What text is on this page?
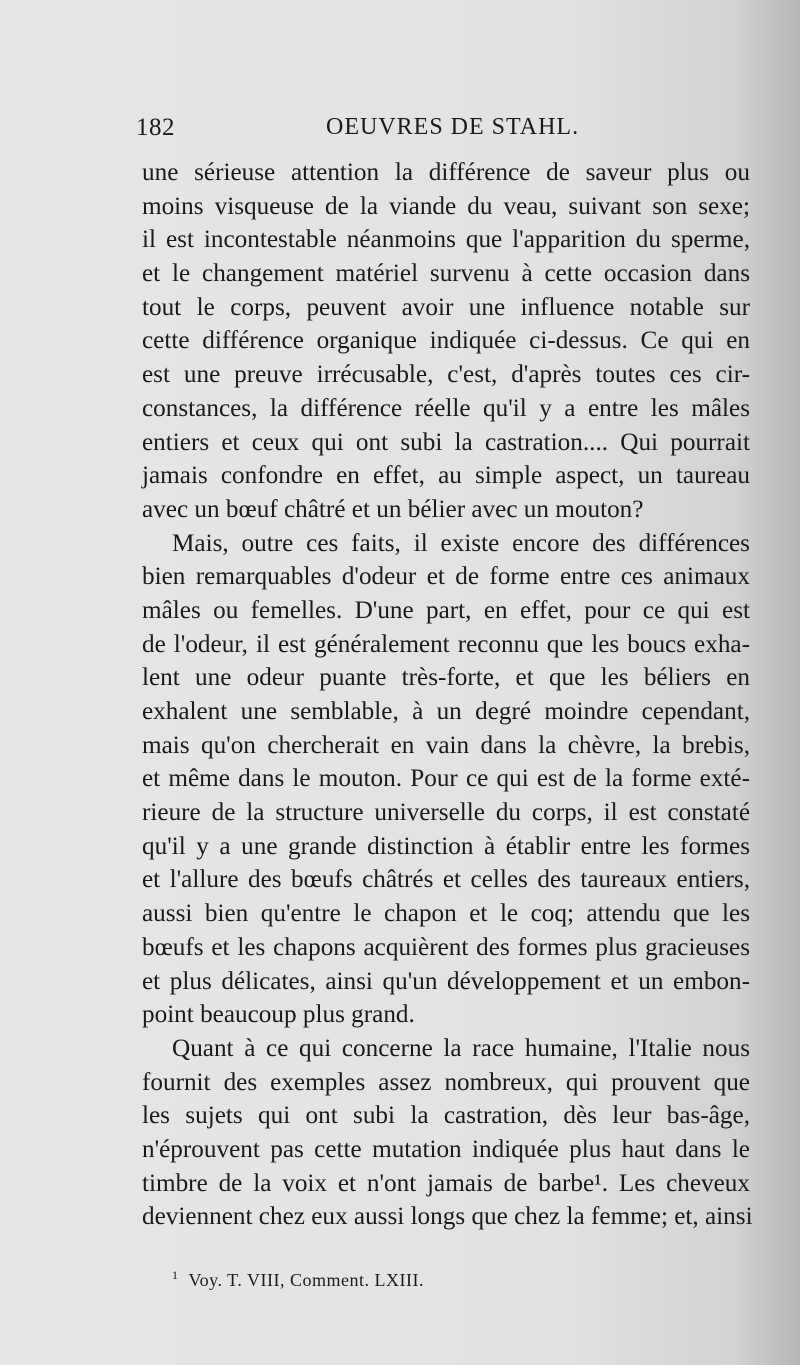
182	OEUVRES DE STAHL.
une sérieuse attention la différence de saveur plus ou
moins visqueuse de la viande du veau, suivant son sexe;
il est incontestable néanmoins que l'apparition du sperme,
et le changement matériel survenu à cette occasion dans
tout le corps, peuvent avoir une influence notable sur
cette différence organique indiquée ci-dessus. Ce qui en
est une preuve irrécusable, c'est, d'après toutes ces cir-
constances, la différence réelle qu'il y a entre les mâles
entiers et ceux qui ont subi la castration.... Qui pourrait
jamais confondre en effet, au simple aspect, un taureau
avec un bœuf châtré et un bélier avec un mouton?
Mais, outre ces faits, il existe encore des différences
bien remarquables d'odeur et de forme entre ces animaux
mâles ou femelles. D'une part, en effet, pour ce qui est
de l'odeur, il est généralement reconnu que les boucs exha-
lent une odeur puante très-forte, et que les béliers en
exhalent une semblable, à un degré moindre cependant,
mais qu'on chercherait en vain dans la chèvre, la brebis,
et même dans le mouton. Pour ce qui est de la forme exté-
rieure de la structure universelle du corps, il est constaté
qu'il y a une grande distinction à établir entre les formes
et l'allure des bœufs châtrés et celles des taureaux entiers,
aussi bien qu'entre le chapon et le coq; attendu que les
bœufs et les chapons acquièrent des formes plus gracieuses
et plus délicates, ainsi qu'un développement et un embon-
point beaucoup plus grand.
Quant à ce qui concerne la race humaine, l'Italie nous
fournit des exemples assez nombreux, qui prouvent que
les sujets qui ont subi la castration, dès leur bas-âge,
n'éprouvent pas cette mutation indiquée plus haut dans le
timbre de la voix et n'ont jamais de barbe¹. Les cheveux
deviennent chez eux aussi longs que chez la femme; et, ainsi
$^1$ Voy. T. VIII, Comment. LXIII.
